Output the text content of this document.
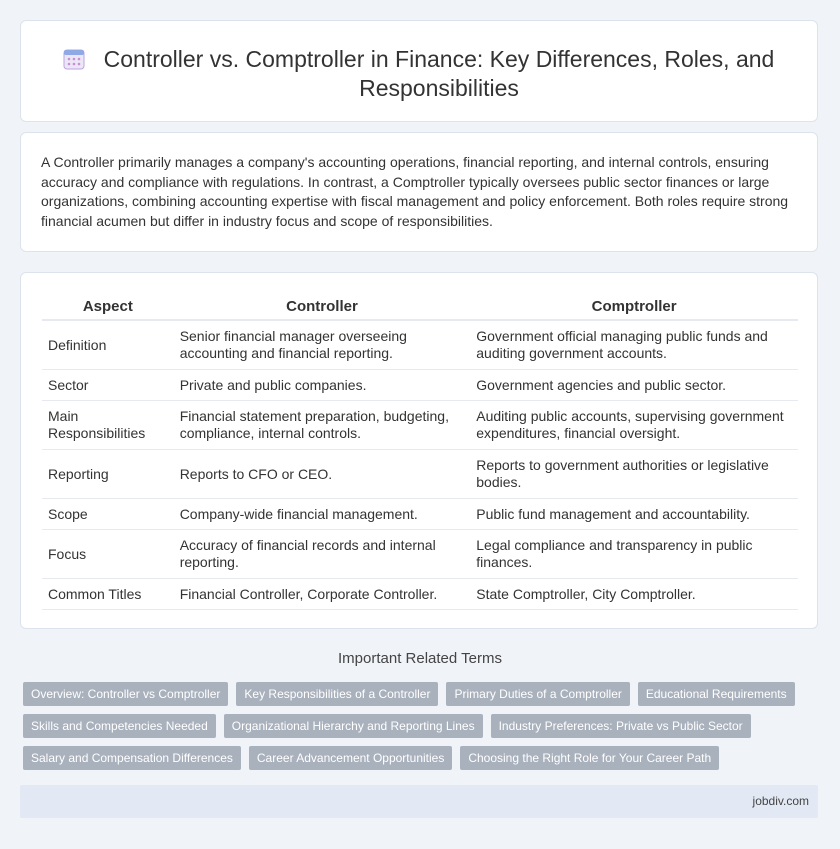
Controller vs. Comptroller in Finance: Key Differences, Roles, and Responsibilities

A Controller primarily manages a company's accounting operations, financial reporting, and internal controls, ensuring accuracy and compliance with regulations. In contrast, a Comptroller typically oversees public sector finances or large organizations, combining accounting expertise with fiscal management and policy enforcement. Both roles require strong financial acumen but differ in industry focus and scope of responsibilities.

Aspect	Controller	Comptroller
Definition	Senior financial manager overseeing accounting and financial reporting.	Government official managing public funds and auditing government accounts.
Sector	Private and public companies.	Government agencies and public sector.
Main Responsibilities	Financial statement preparation, budgeting, compliance, internal controls.	Auditing public accounts, supervising government expenditures, financial oversight.
Reporting	Reports to CFO or CEO.	Reports to government authorities or legislative bodies.
Scope	Company-wide financial management.	Public fund management and accountability.
Focus	Accuracy of financial records and internal reporting.	Legal compliance and transparency in public finances.
Common Titles	Financial Controller, Corporate Controller.	State Comptroller, City Comptroller.
Important Related Terms
Overview: Controller vs Comptroller	Key Responsibilities of a Controller	Primary Duties of a Comptroller	Educational Requirements
Skills and Competencies Needed	Organizational Hierarchy and Reporting Lines	Industry Preferences: Private vs Public Sector
Salary and Compensation Differences	Career Advancement Opportunities	Choosing the Right Role for Your Career Path
jobdiv.com
